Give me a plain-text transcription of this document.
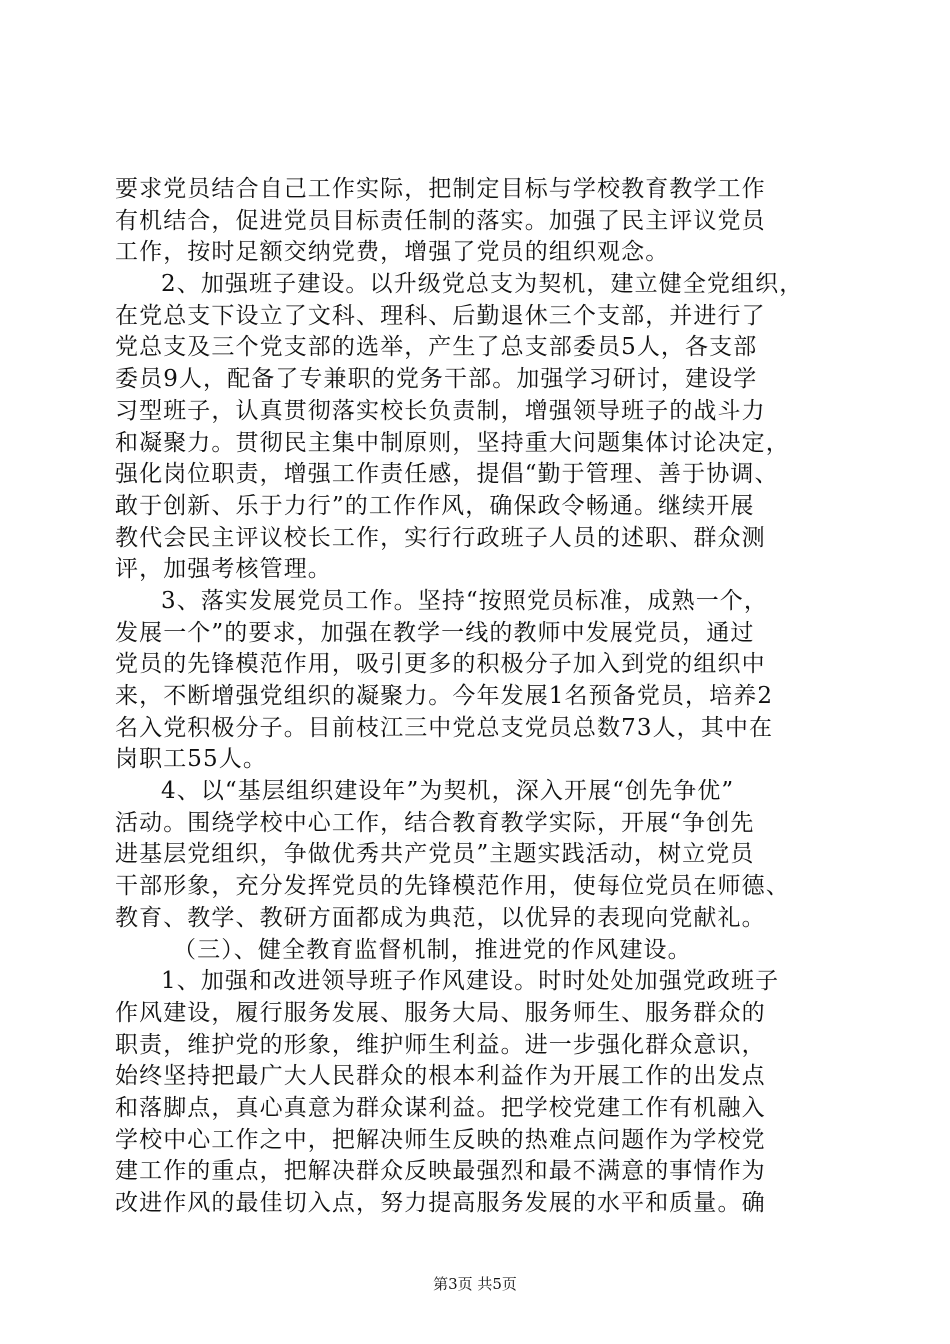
要求党员结合自己工作实际，把制定目标与学校教育教学工作
有机结合，促进党员目标责任制的落实。加强了民主评议党员
工作，按时足额交纳党费，增强了党员的组织观念。
2、加强班子建设。以升级党总支为契机，建立健全党组织，
在党总支下设立了文科、理科、后勤退休三个支部，并进行了
党总支及三个党支部的选举，产生了总支部委员5人，各支部
委员9人，配备了专兼职的党务干部。加强学习研讨，建设学
习型班子，认真贯彻落实校长负责制，增强领导班子的战斗力
和凝聚力。贯彻民主集中制原则，坚持重大问题集体讨论决定，
强化岗位职责，增强工作责任感，提倡“勤于管理、善于协调、
敢于创新、乐于力行”的工作作风，确保政令畅通。继续开展
教代会民主评议校长工作，实行行政班子人员的述职、群众测
评，加强考核管理。
3、落实发展党员工作。坚持“按照党员标准，成熟一个，
发展一个”的要求，加强在教学一线的教师中发展党员，通过
党员的先锋模范作用，吸引更多的积极分子加入到党的组织中
来，不断增强党组织的凝聚力。今年发展1名预备党员，培养2
名入党积极分子。目前枝江三中党总支党员总数73人，其中在
岗职工55人。
4、以“基层组织建设年”为契机，深入开展“创先争优”
活动。围绕学校中心工作，结合教育教学实际，开展“争创先
进基层党组织，争做优秀共产党员”主题实践活动，树立党员
干部形象，充分发挥党员的先锋模范作用，使每位党员在师德、
教育、教学、教研方面都成为典范，以优异的表现向党献礼。
（三）、健全教育监督机制，推进党的作风建设。
1、加强和改进领导班子作风建设。时时处处加强党政班子
作风建设，履行服务发展、服务大局、服务师生、服务群众的
职责，维护党的形象，维护师生利益。进一步强化群众意识，
始终坚持把最广大人民群众的根本利益作为开展工作的出发点
和落脚点，真心真意为群众谋利益。把学校党建工作有机融入
学校中心工作之中，把解决师生反映的热难点问题作为学校党
建工作的重点，把解决群众反映最强烈和最不满意的事情作为
改进作风的最佳切入点，努力提高服务发展的水平和质量。确
第3页 共5页
